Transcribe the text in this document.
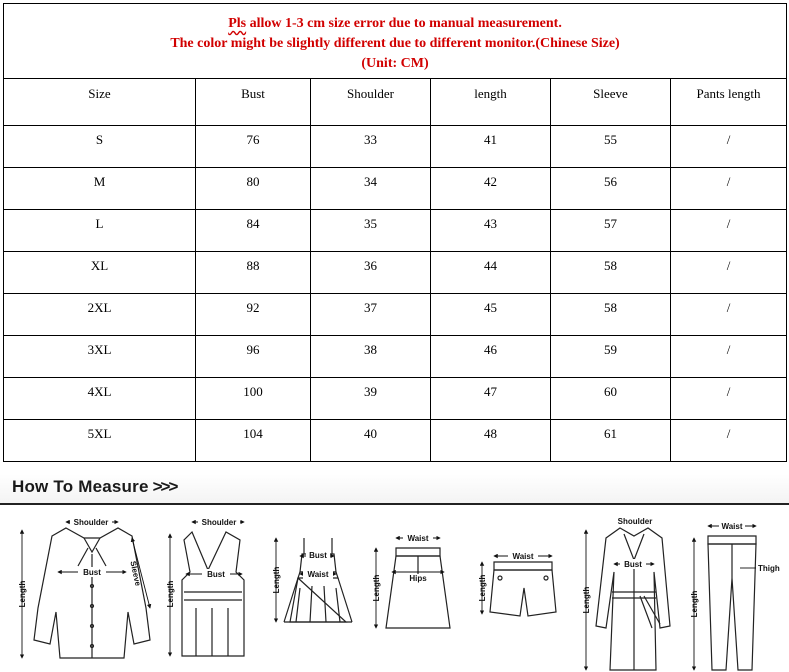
Pls allow 1-3 cm size error due to manual measurement.
The color might be slightly different due to different monitor.(Chinese Size)
(Unit: CM)					

Size	Bust	Shoulder	length	Sleeve	Pants length
S	76	33	41	55	/
M	80	34	42	56	/
L	84	35	43	57	/
XL	88	36	44	58	/
2XL	92	37	45	58	/
3XL	96	38	46	59	/
4XL	100	39	47	60	/
5XL	104	40	48	61	/
How To Measure >>>
Shoulder
Bust
Length
Sleeve
Shoulder
Bust
Length
Bust
Waist
Length
Waist
Hips
Length
Waist
Length
Shoulder
Bust
Length
Waist
Thigh
Length
